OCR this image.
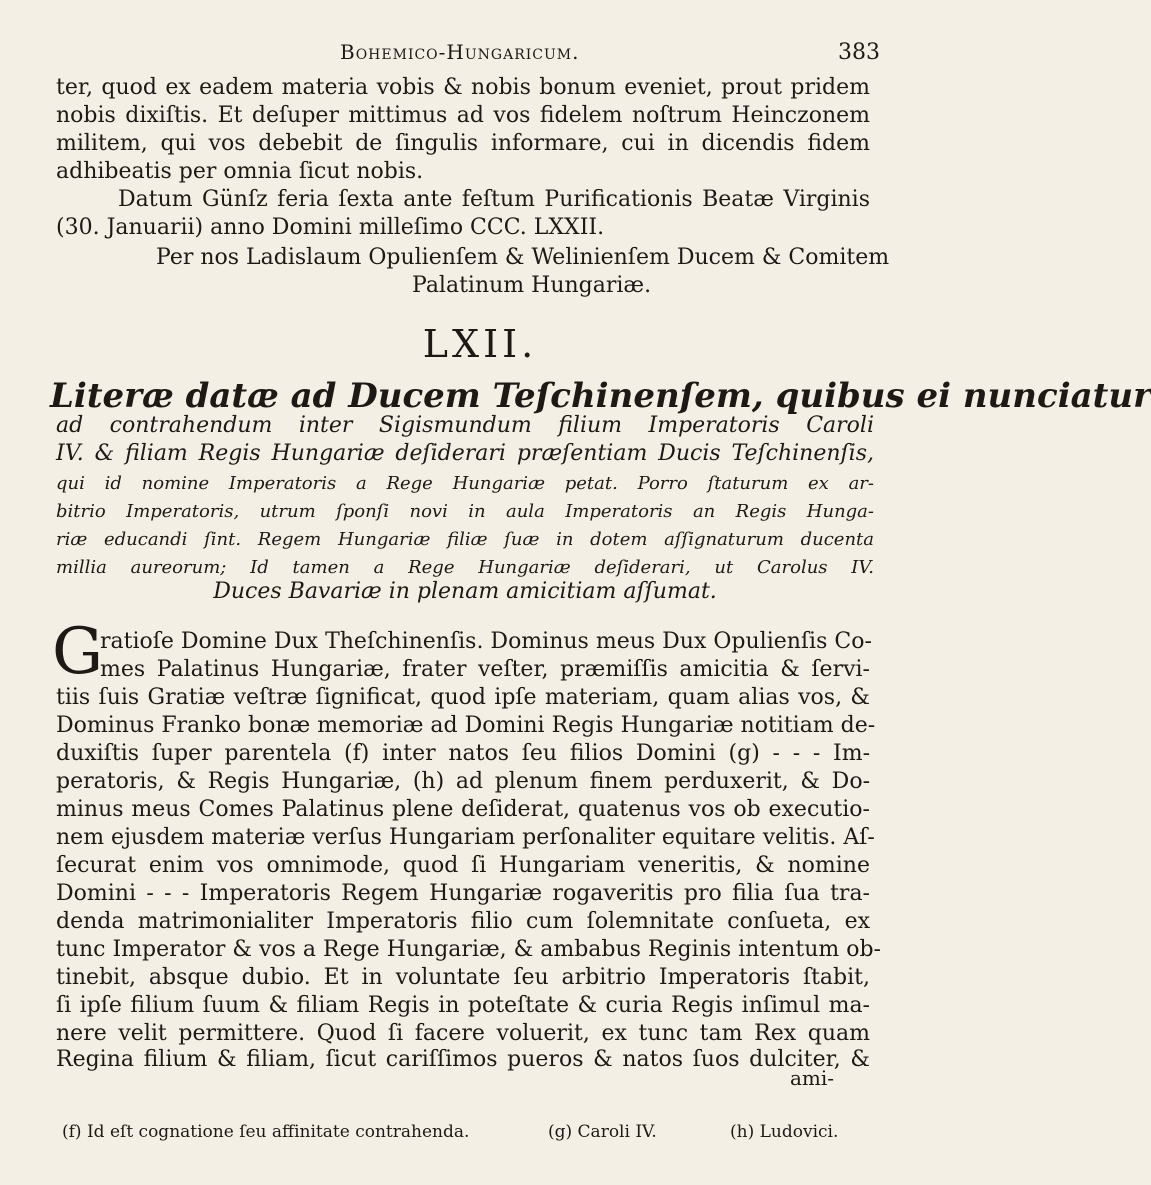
Bohemico-Hungaricum.	383
ter, quod ex eadem materia vobis & nobis bonum eveniet, prout pridem
nobis dixiſtis. Et deſuper mittimus ad vos fidelem noſtrum Heinczonem
militem, qui vos debebit de ſingulis informare, cui in dicendis fidem
adhibeatis per omnia ſicut nobis.
Datum Günſz feria ſexta ante feſtum Purificationis Beatæ Virginis
(30. Januarii) anno Domini milleſimo CCC. LXXII.
Per nos Ladislaum Opulienſem & Welinienſem Ducem & Comitem
Palatinum Hungariæ.
LXII.
Literæ datæ ad Ducem Teſchinenſem, quibus ei nunciatur
ad contrahendum inter Sigismundum filium Imperatoris Caroli
IV. & filiam Regis Hungariæ deſiderari præſentiam Ducis Teſchinenſis,
qui id nomine Imperatoris a Rege Hungariæ petat. Porro ſtaturum ex ar-
bitrio Imperatoris, utrum ſponſi novi in aula Imperatoris an Regis Hunga-
riæ educandi ſint. Regem Hungariæ filiæ ſuæ in dotem aſſignaturum ducenta
millia aureorum; Id tamen a Rege Hungariæ deſiderari, ut Carolus IV.
Duces Bavariæ in plenam amicitiam aſſumat.
G
ratioſe Domine Dux Theſchinenſis. Dominus meus Dux Opulienſis Co-
mes Palatinus Hungariæ, frater veſter, præmiſſis amicitia & ſervi-
tiis ſuis Gratiæ veſtræ ſignificat, quod ipſe materiam, quam alias vos, &
Dominus Franko bonæ memoriæ ad Domini Regis Hungariæ notitiam de-
duxiſtis ſuper parentela (f) inter natos ſeu filios Domini (g) - - - Im-
peratoris, & Regis Hungariæ, (h) ad plenum finem perduxerit, & Do-
minus meus Comes Palatinus plene deſiderat, quatenus vos ob executio-
nem ejusdem materiæ verſus Hungariam perſonaliter equitare velitis. Aſ-
ſecurat enim vos omnimode, quod ſi Hungariam veneritis, & nomine
Domini - - - Imperatoris Regem Hungariæ rogaveritis pro filia ſua tra-
denda matrimonialiter Imperatoris filio cum ſolemnitate conſueta, ex
tunc Imperator & vos a Rege Hungariæ, & ambabus Reginis intentum ob-
tinebit, absque dubio. Et in voluntate ſeu arbitrio Imperatoris ſtabit,
ſi ipſe filium ſuum & filiam Regis in poteſtate & curia Regis inſimul ma-
nere velit permittere. Quod ſi facere voluerit, ex tunc tam Rex quam
Regina filium & filiam, ſicut cariſſimos pueros & natos ſuos dulciter, &
ami-
(f) Id eſt cognatione ſeu affinitate contrahenda.	(g) Caroli IV.	(h) Ludovici.
